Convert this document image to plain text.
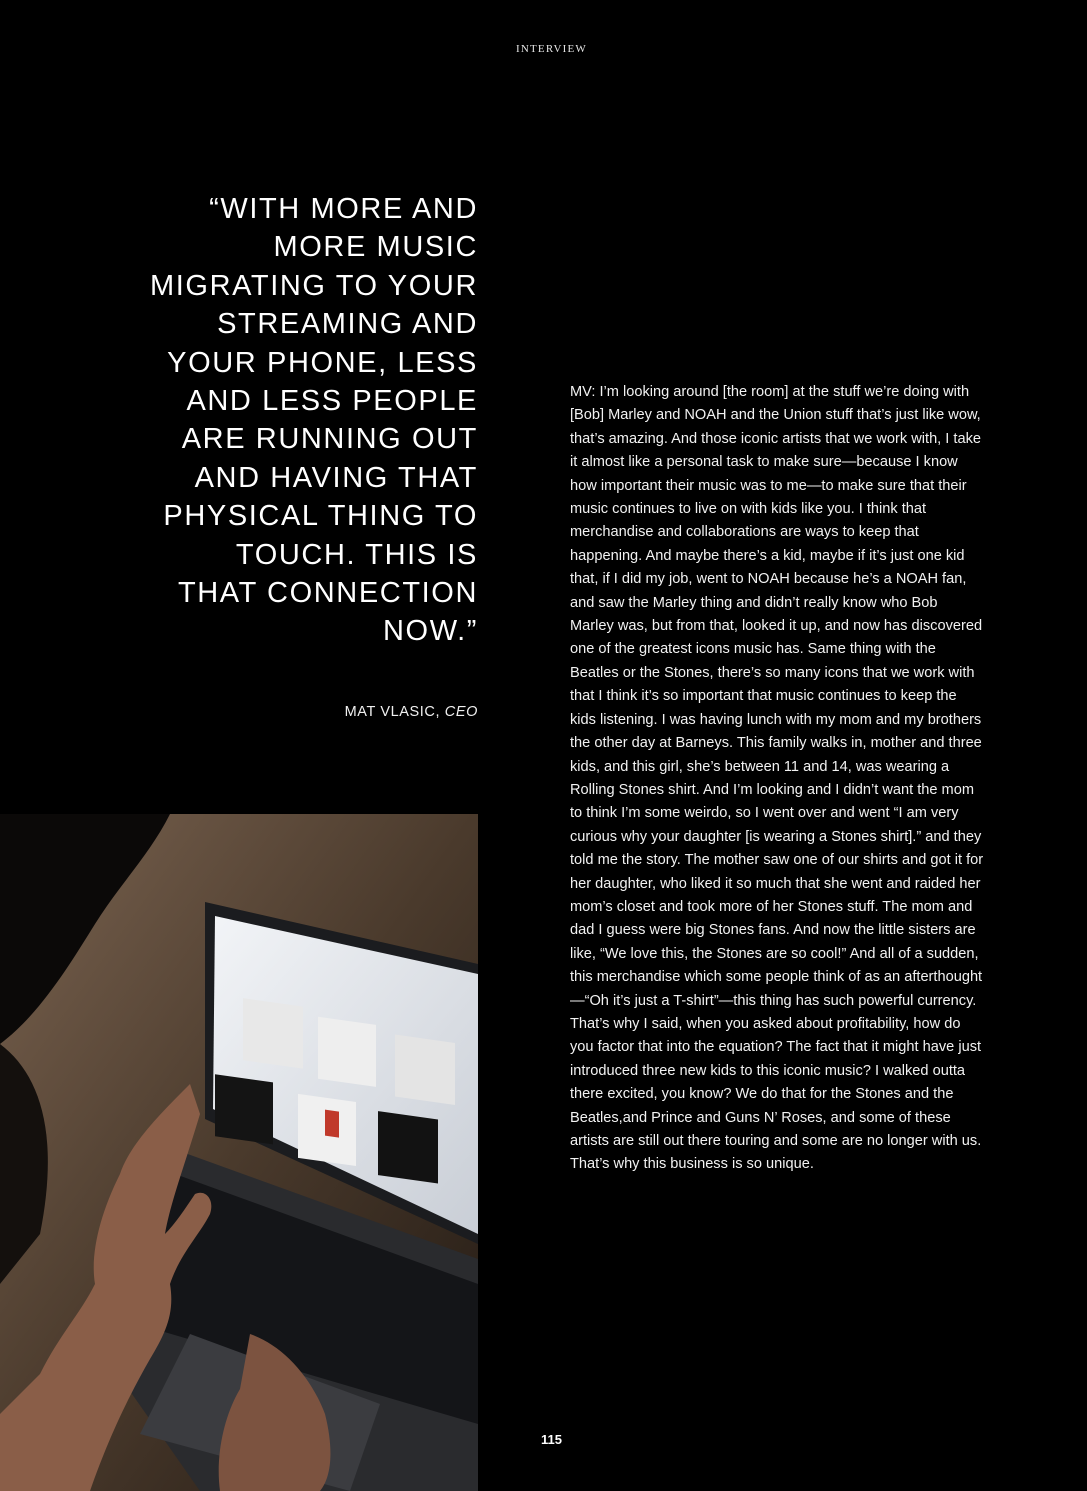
INTERVIEW
“WITH MORE AND MORE MUSIC MIGRATING TO YOUR STREAMING AND YOUR PHONE, LESS AND LESS PEOPLE ARE RUNNING OUT AND HAVING THAT PHYSICAL THING TO TOUCH. THIS IS THAT CONNECTION NOW.”
MAT VLASIC, CEO

MV: I’m looking around [the room] at the stuff we’re doing with [Bob] Marley and NOAH and the Union stuff that’s just like wow, that’s amazing. And those iconic artists that we work with, I take it almost like a personal task to make sure—because I know how important their music was to me—to make sure that their music continues to live on with kids like you. I think that merchandise and collaborations are ways to keep that happening. And maybe there’s a kid, maybe if it’s just one kid that, if I did my job, went to NOAH because he’s a NOAH fan, and saw the Marley thing and didn’t really know who Bob Marley was, but from that, looked it up, and now has discovered one of the greatest icons music has. Same thing with the Beatles or the Stones, there’s so many icons that we work with that I think it’s so important that music continues to keep the kids listening. I was having lunch with my mom and my brothers the other day at Barneys. This family walks in, mother and three kids, and this girl, she’s between 11 and 14, was wearing a Rolling Stones shirt. And I’m looking and I didn’t want the mom to think I’m some weirdo, so I went over and went “I am very curious why your daughter [is wearing a Stones shirt].” and they told me the story. The mother saw one of our shirts and got it for her daughter, who liked it so much that she went and raided her mom’s closet and took more of her Stones stuff. The mom and dad I guess were big Stones fans. And now the little sisters are like, “We love this, the Stones are so cool!” And all of a sudden, this merchandise which some people think of as an afterthought—“Oh it’s just a T-shirt”—this thing has such powerful currency. That’s why I said, when you asked about profitability, how do you factor that into the equation? The fact that it might have just introduced three new kids to this iconic music? I walked outta there excited, you know? We do that for the Stones and the Beatles,and Prince and Guns N’ Roses, and some of these artists are still out there touring and some are no longer with us. That’s why this business is so unique.

115
